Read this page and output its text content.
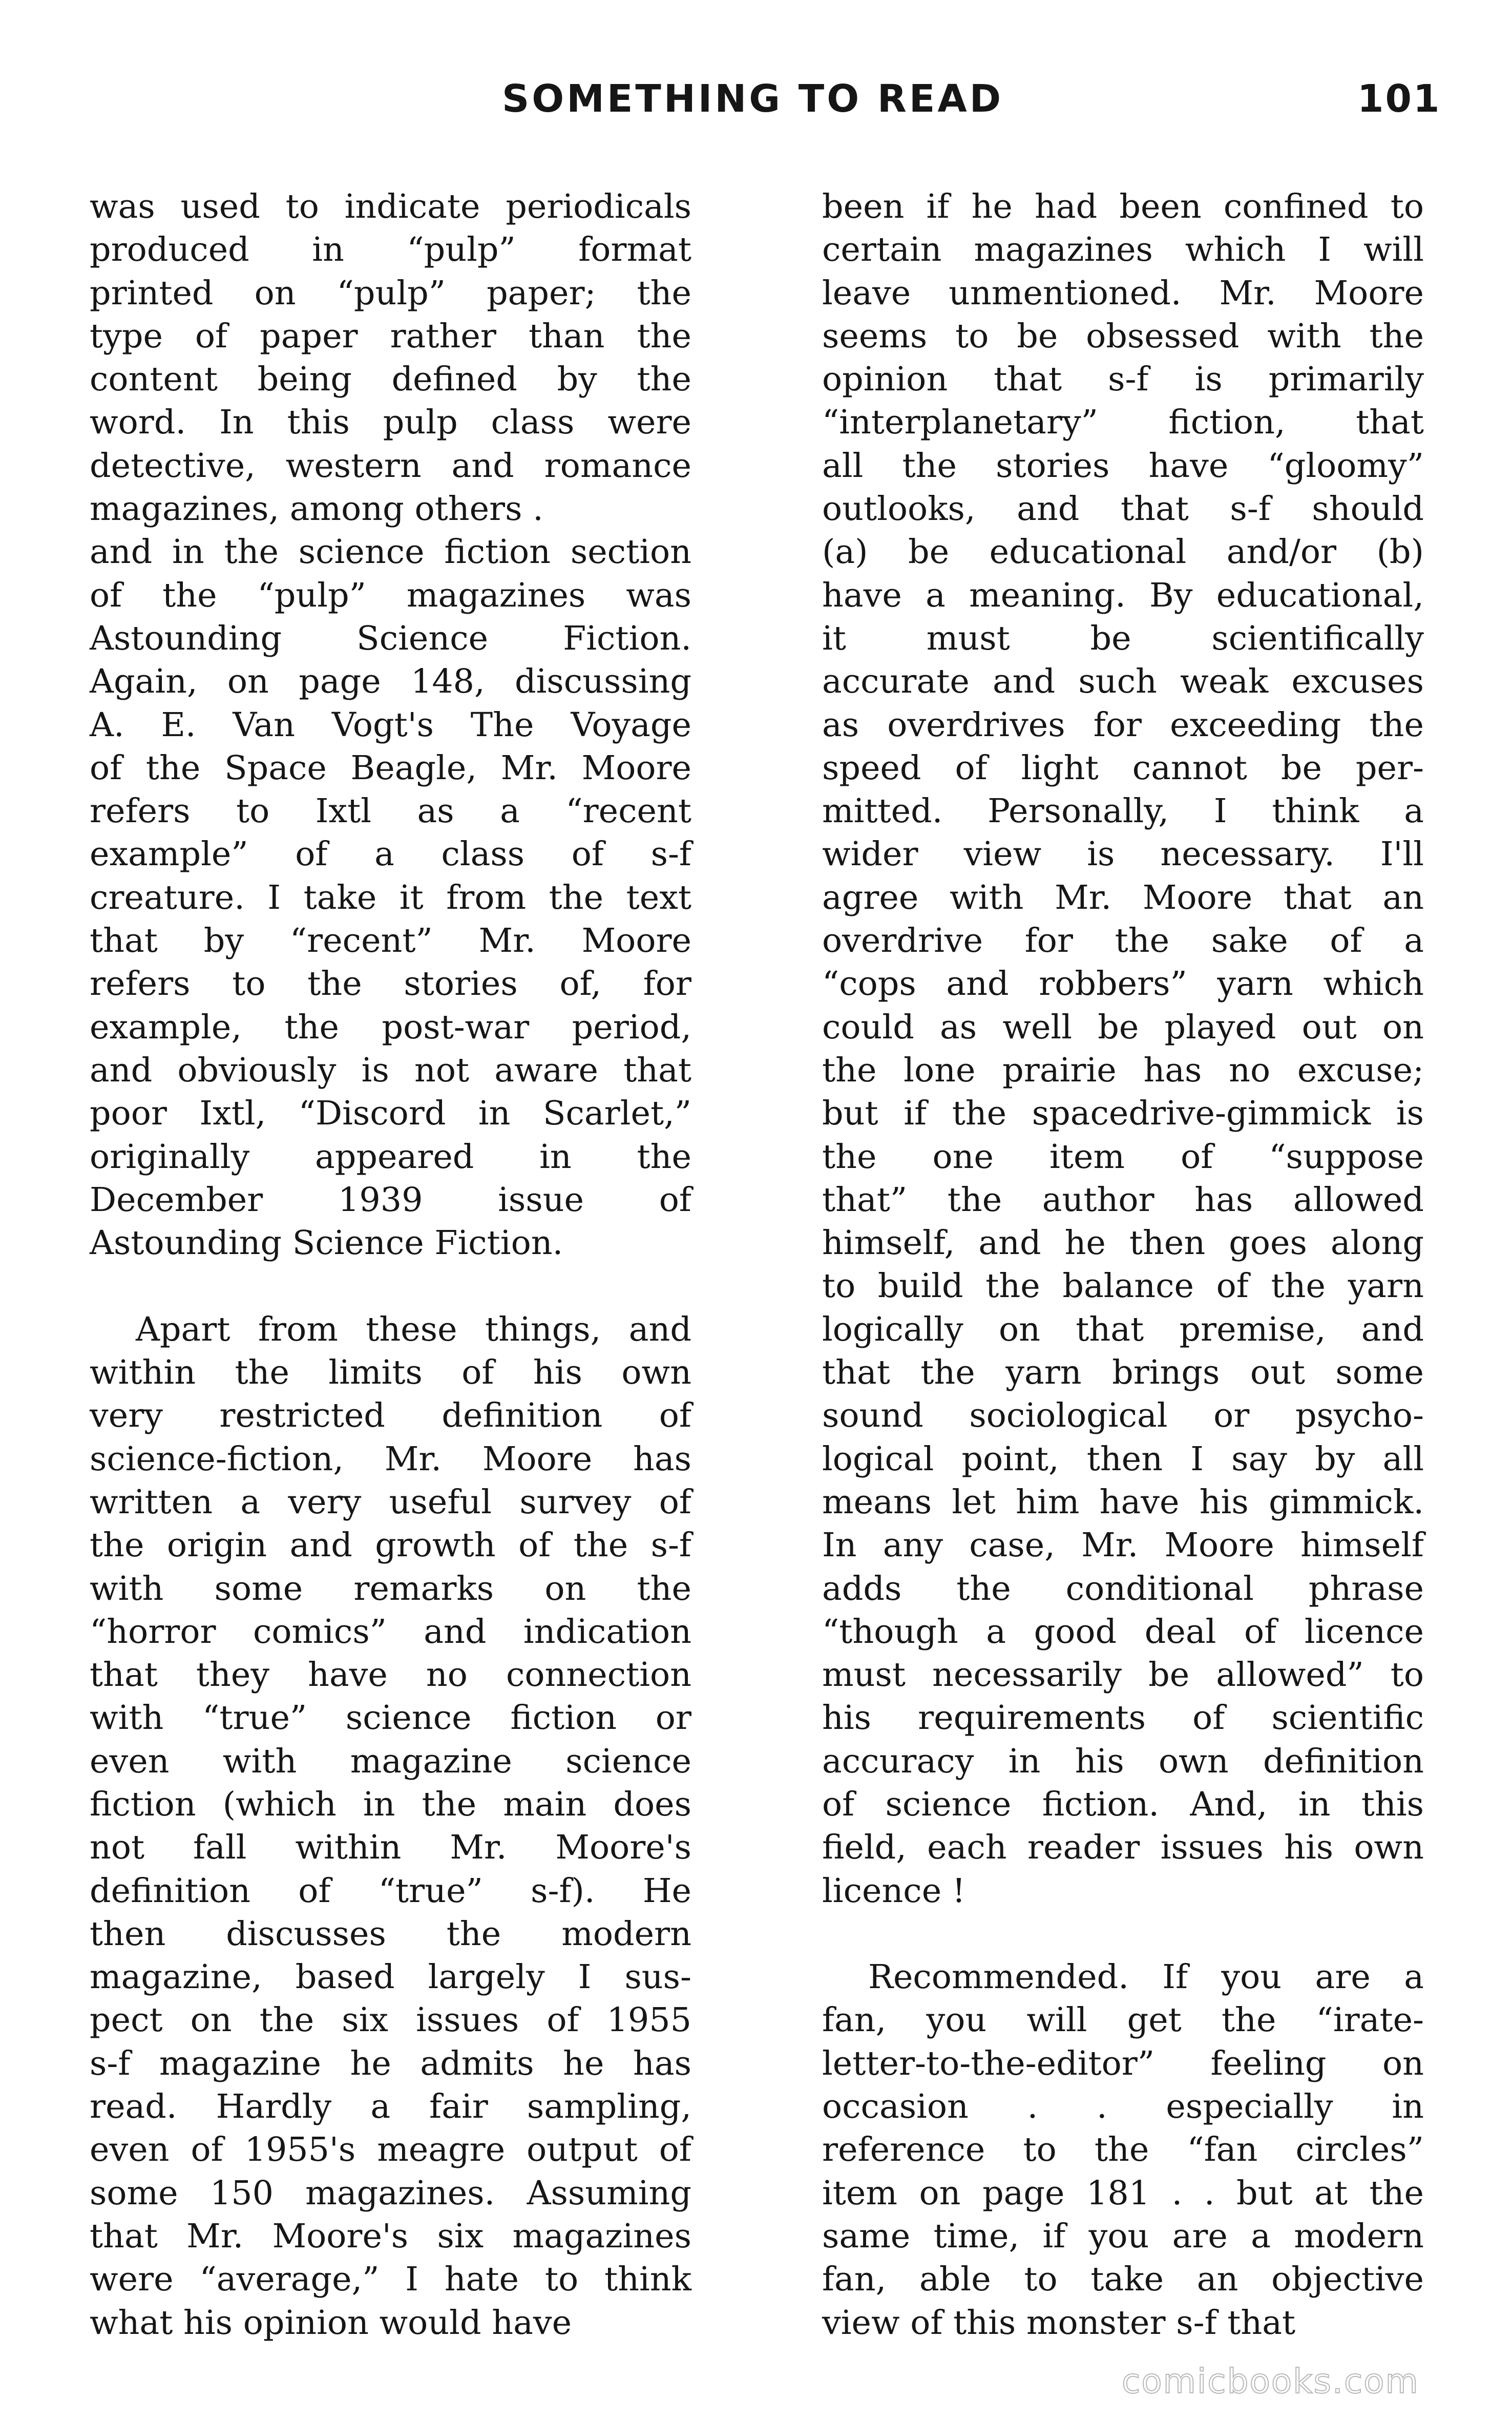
SOMETHING TO READ	101
was used to indicate periodicals
produced in “pulp” format
printed on “pulp” paper; the
type of paper rather than the
content being defined by the
word. In this pulp class were
detective, western and romance
magazines, among others .
and in the science fiction section
of the “pulp” magazines was
Astounding Science Fiction.
Again, on page 148, discussing
A. E. Van Vogt's The Voyage
of the Space Beagle, Mr. Moore
refers to Ixtl as a “recent
example” of a class of s-f
creature. I take it from the text
that by “recent” Mr. Moore
refers to the stories of, for
example, the post-war period,
and obviously is not aware that
poor Ixtl, “Discord in Scarlet,”
originally appeared in the
December 1939 issue of
Astounding Science Fiction.
Apart from these things, and
within the limits of his own
very restricted definition of
science-fiction, Mr. Moore has
written a very useful survey of
the origin and growth of the s-f
with some remarks on the
“horror comics” and indication
that they have no connection
with “true” science fiction or
even with magazine science
fiction (which in the main does
not fall within Mr. Moore's
definition of “true” s-f). He
then discusses the modern
magazine, based largely I sus-
pect on the six issues of 1955
s-f magazine he admits he has
read. Hardly a fair sampling,
even of 1955's meagre output of
some 150 magazines. Assuming
that Mr. Moore's six magazines
were “average,” I hate to think
what his opinion would have
been if he had been confined to
certain magazines which I will
leave unmentioned. Mr. Moore
seems to be obsessed with the
opinion that s-f is primarily
“interplanetary” fiction, that
all the stories have “gloomy”
outlooks, and that s-f should
(a) be educational and/or (b)
have a meaning. By educational,
it must be scientifically
accurate and such weak excuses
as overdrives for exceeding the
speed of light cannot be per-
mitted. Personally, I think a
wider view is necessary. I'll
agree with Mr. Moore that an
overdrive for the sake of a
“cops and robbers” yarn which
could as well be played out on
the lone prairie has no excuse;
but if the spacedrive-gimmick is
the one item of “suppose
that” the author has allowed
himself, and he then goes along
to build the balance of the yarn
logically on that premise, and
that the yarn brings out some
sound sociological or psycho-
logical point, then I say by all
means let him have his gimmick.
In any case, Mr. Moore himself
adds the conditional phrase
“though a good deal of licence
must necessarily be allowed” to
his requirements of scientific
accuracy in his own definition
of science fiction. And, in this
field, each reader issues his own
licence !
Recommended. If you are a
fan, you will get the “irate-
letter-to-the-editor” feeling on
occasion . . especially in
reference to the “fan circles”
item on page 181 . . but at the
same time, if you are a modern
fan, able to take an objective
view of this monster s-f that
comicbooks.com
